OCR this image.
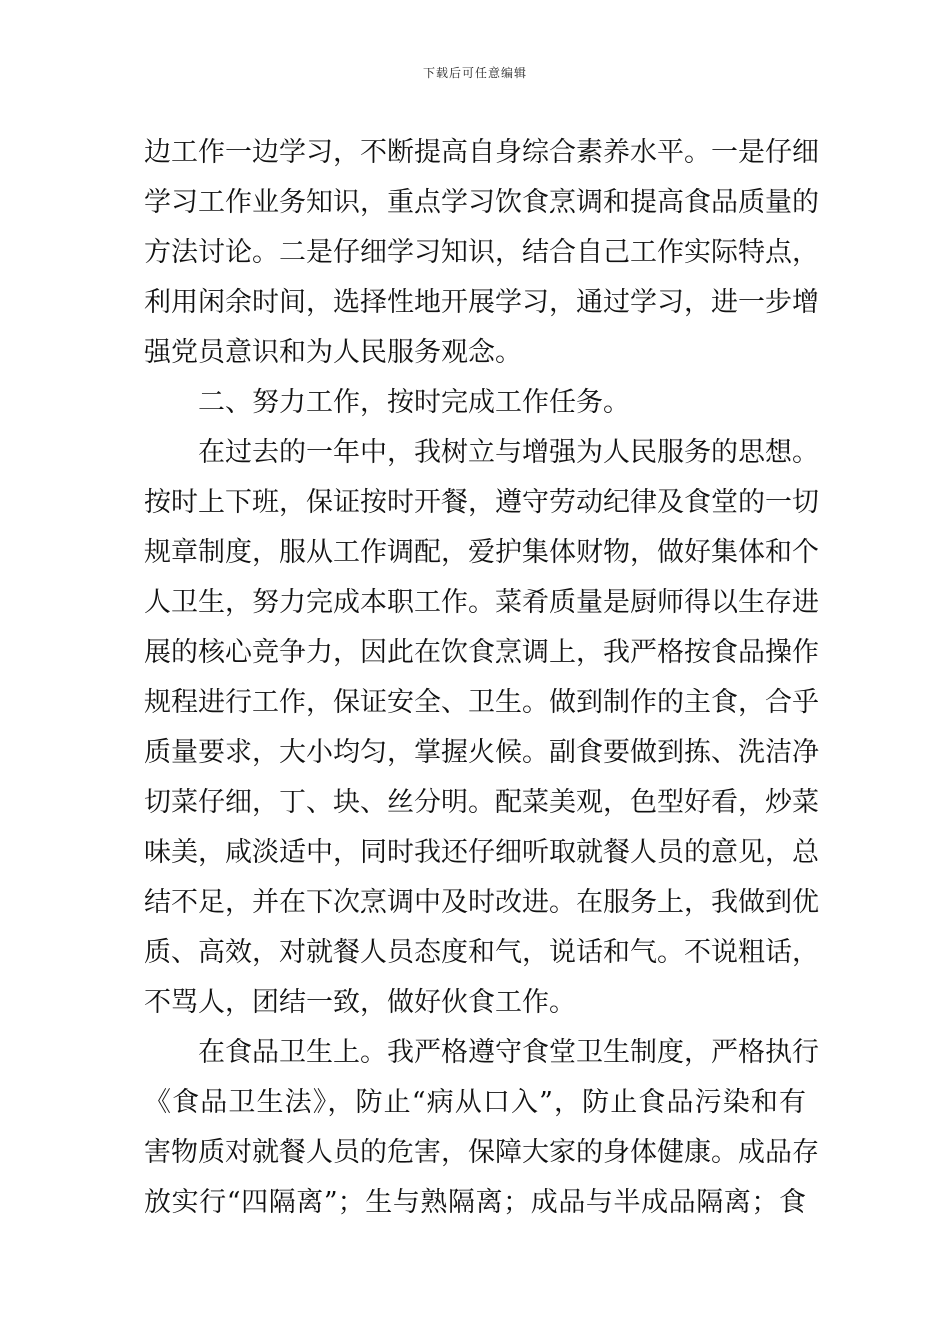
下载后可任意编辑
边工作一边学习，不断提高自身综合素养水平。一是仔细
学习工作业务知识，重点学习饮食烹调和提高食品质量的
方法讨论。二是仔细学习知识，结合自己工作实际特点，
利用闲余时间，选择性地开展学习，通过学习，进一步增
强党员意识和为人民服务观念。
二、努力工作，按时完成工作任务。
在过去的一年中，我树立与增强为人民服务的思想。
按时上下班，保证按时开餐，遵守劳动纪律及食堂的一切
规章制度，服从工作调配，爱护集体财物，做好集体和个
人卫生，努力完成本职工作。菜肴质量是厨师得以生存进
展的核心竞争力，因此在饮食烹调上，我严格按食品操作
规程进行工作，保证安全、卫生。做到制作的主食，合乎
质量要求，大小均匀，掌握火候。副食要做到拣、洗洁净
切菜仔细，丁、块、丝分明。配菜美观，色型好看，炒菜
味美，咸淡适中，同时我还仔细听取就餐人员的意见，总
结不足，并在下次烹调中及时改进。在服务上，我做到优
质、高效，对就餐人员态度和气，说话和气。不说粗话，
不骂人，团结一致，做好伙食工作。
在食品卫生上。我严格遵守食堂卫生制度，严格执行
《食品卫生法》，防止“病从口入”，防止食品污染和有
害物质对就餐人员的危害，保障大家的身体健康。成品存
放实行“四隔离”；生与熟隔离；成品与半成品隔离；食
